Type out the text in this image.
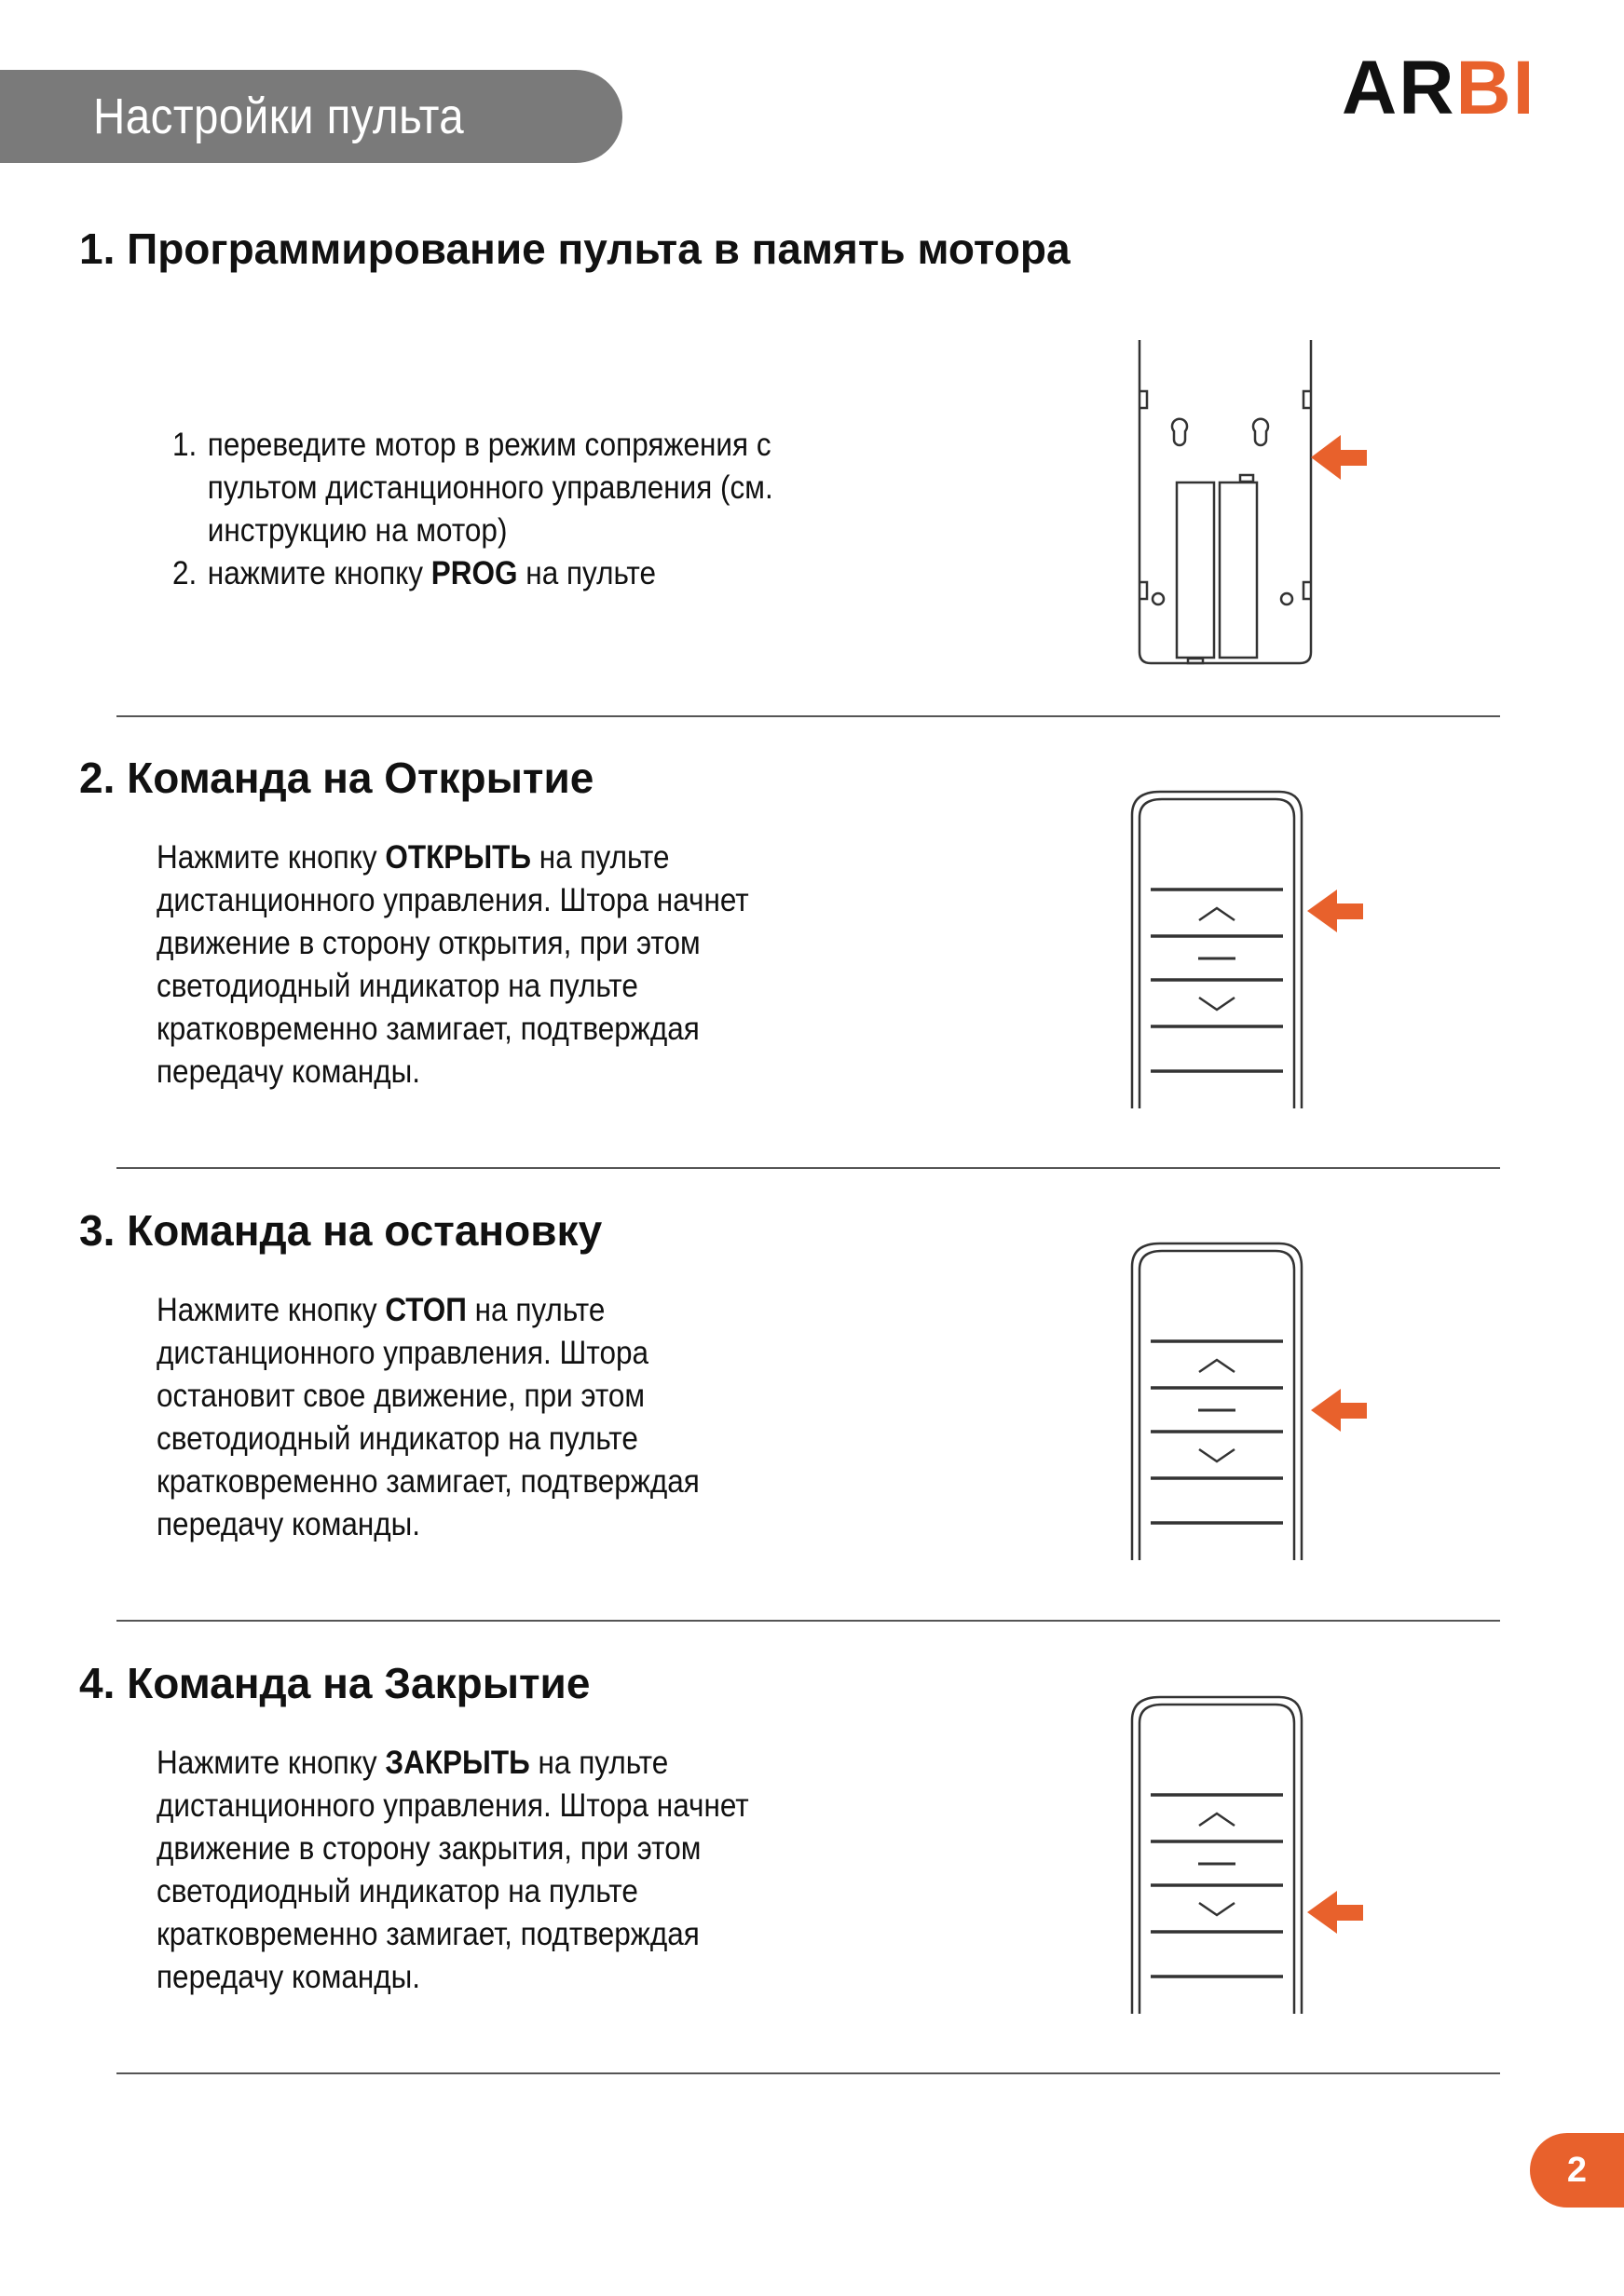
Настройки пульта	ARBI
1. Программирование пульта в память мотора
1. переведите мотор в режим сопряжения с пультом дистанционного управления (см. инструкцию на мотор)
2. нажмите кнопку PROG на пульте
2. Команда на Открытие
Нажмите кнопку ОТКРЫТЬ на пульте дистанционного управления. Штора начнет движение в сторону открытия, при этом светодиодный индикатор на пульте кратковременно замигает, подтверждая передачу команды.
3. Команда на остановку
Нажмите кнопку СТОП на пульте дистанционного управления. Штора остановит свое движение, при этом светодиодный индикатор на пульте кратковременно замигает, подтверждая передачу команды.
4. Команда на Закрытие
Нажмите кнопку ЗАКРЫТЬ на пульте дистанционного управления. Штора начнет движение в сторону закрытия, при этом светодиодный индикатор на пульте кратковременно замигает, подтверждая передачу команды.
2
